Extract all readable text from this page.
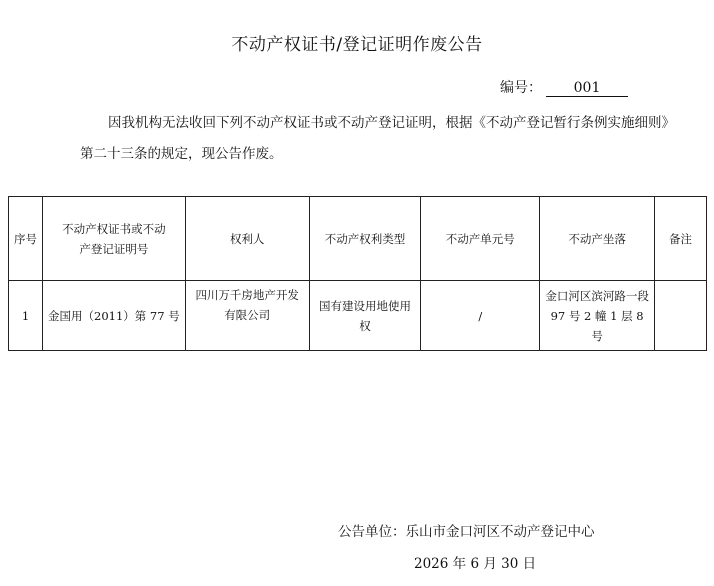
不动产权证书/登记证明作废公告
编号： 001
因我机构无法收回下列不动产权证书或不动产登记证明，根据《不动产登记暂行条例实施细则》第二十三条的规定，现公告作废。
序号	不动产权证书或不动产登记证明号	权利人	不动产权利类型	不动产单元号	不动产坐落	备注
1	金国用（2011）第 77 号	四川万千房地产开发有限公司	国有建设用地使用权	/	金口河区滨河路一段 97 号 2 幢 1 层 8 号	
公告单位：乐山市金口河区不动产登记中心
2026 年 6 月 30 日
